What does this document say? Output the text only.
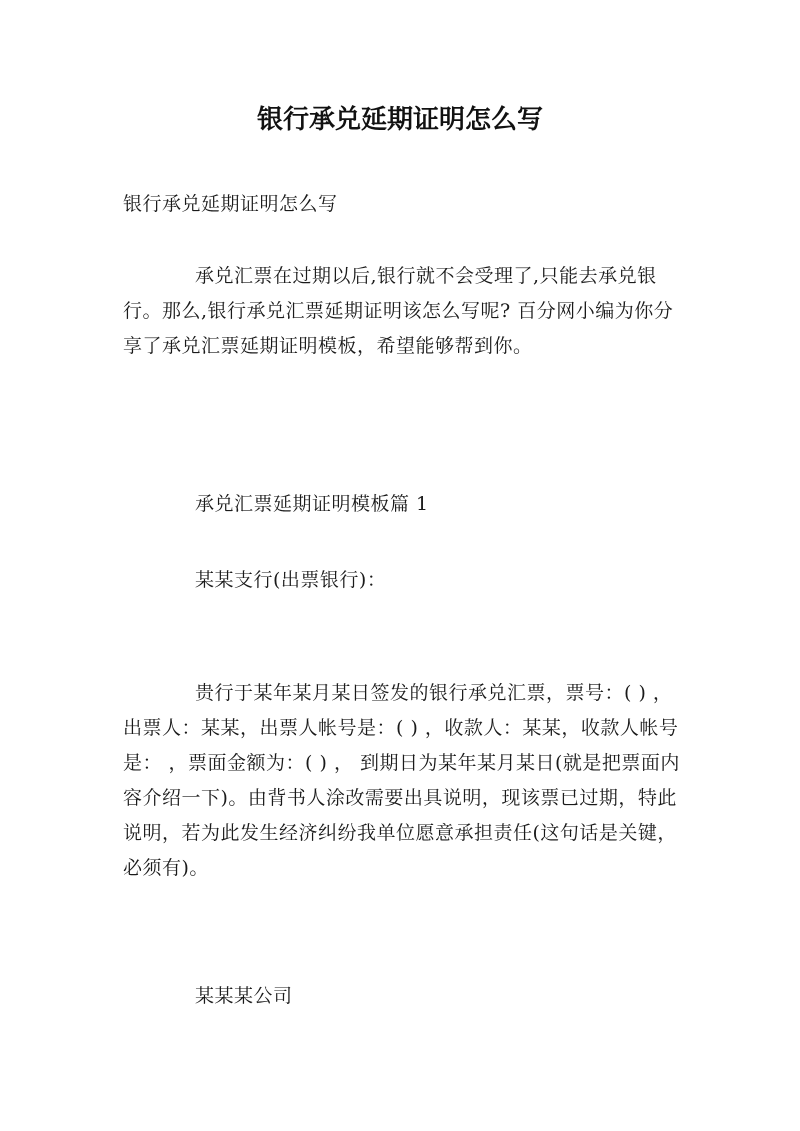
银行承兑延期证明怎么写

银行承兑延期证明怎么写

承兑汇票在过期以后,银行就不会受理了,只能去承兑银行。那么,银行承兑汇票延期证明该怎么写呢? 百分网小编为你分享了承兑汇票延期证明模板，希望能够帮到你。

承兑汇票延期证明模板篇 1

某某支行(出票银行)：

贵行于某年某月某日签发的银行承兑汇票，票号：( ) ， 出票人：某某，出票人帐号是：( ) ，收款人：某某，收款人帐号是： ，票面金额为：( ) ， 到期日为某年某月某日(就是把票面内容介绍一下)。由背书人涂改需要出具说明，现该票已过期，特此说明，若为此发生经济纠纷我单位愿意承担责任(这句话是关键，必须有)。

某某某公司
